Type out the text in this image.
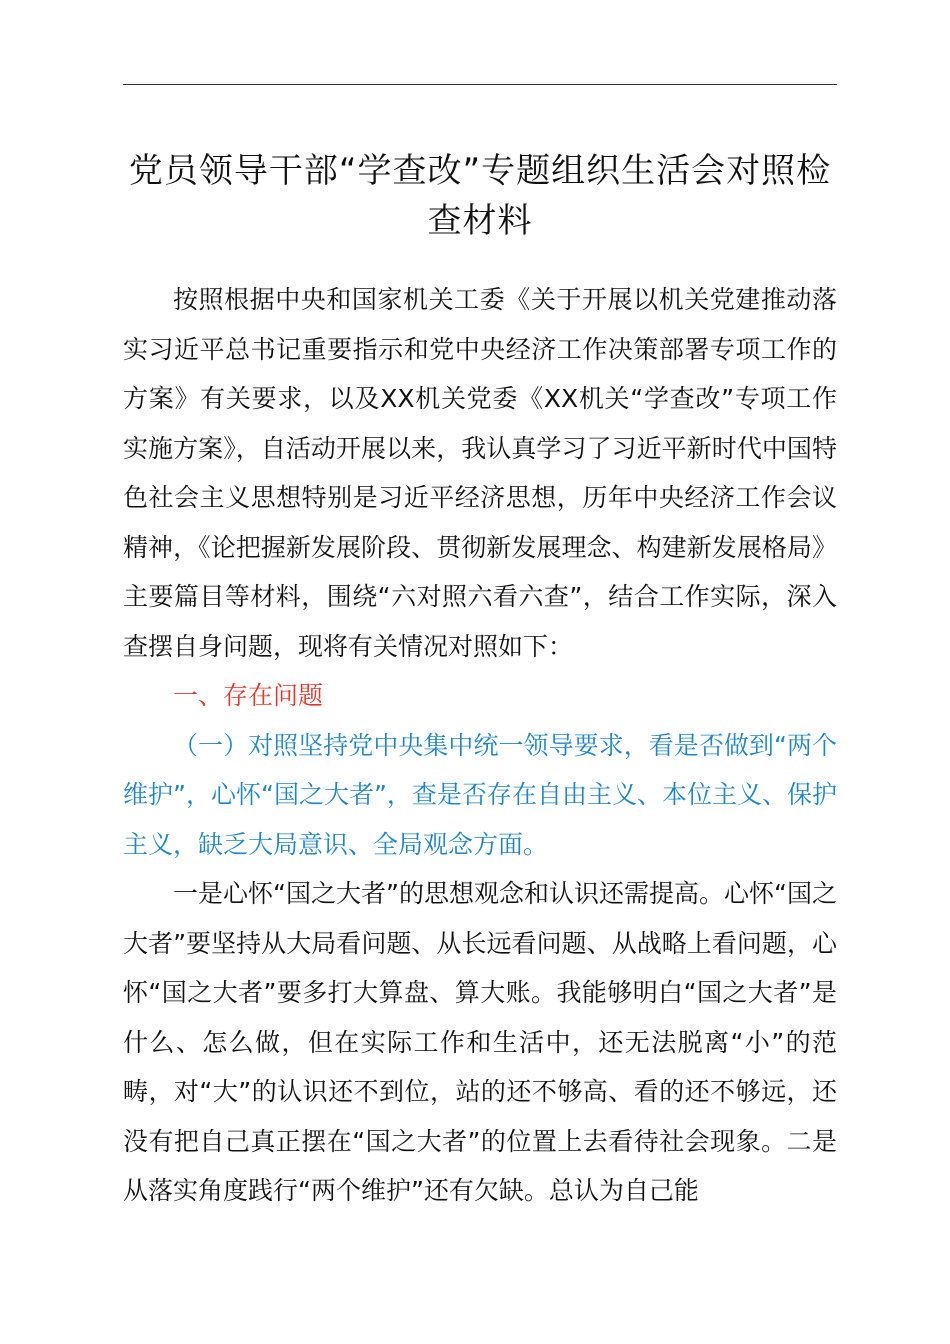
党员领导干部“学查改”专题组织生活会对照检
查材料

按照根据中央和国家机关工委《关于开展以机关党建推动落实习近平总书记重要指示和党中央经济工作决策部署专项工作的方案》有关要求，以及XX机关党委《XX机关“学查改”专项工作实施方案》，自活动开展以来，我认真学习了习近平新时代中国特色社会主义思想特别是习近平经济思想，历年中央经济工作会议精神，《论把握新发展阶段、贯彻新发展理念、构建新发展格局》主要篇目等材料，围绕“六对照六看六查”，结合工作实际，深入查摆自身问题，现将有关情况对照如下：

一、存在问题

（一）对照坚持党中央集中统一领导要求，看是否做到“两个维护”，心怀“国之大者”，查是否存在自由主义、本位主义、保护主义，缺乏大局意识、全局观念方面。

一是心怀“国之大者”的思想观念和认识还需提高。心怀“国之大者”要坚持从大局看问题、从长远看问题、从战略上看问题，心怀“国之大者”要多打大算盘、算大账。我能够明白“国之大者”是什么、怎么做，但在实际工作和生活中，还无法脱离“小”的范畴，对“大”的认识还不到位，站的还不够高、看的还不够远，还没有把自己真正摆在“国之大者”的位置上去看待社会现象。二是从落实角度践行“两个维护”还有欠缺。总认为自己能
